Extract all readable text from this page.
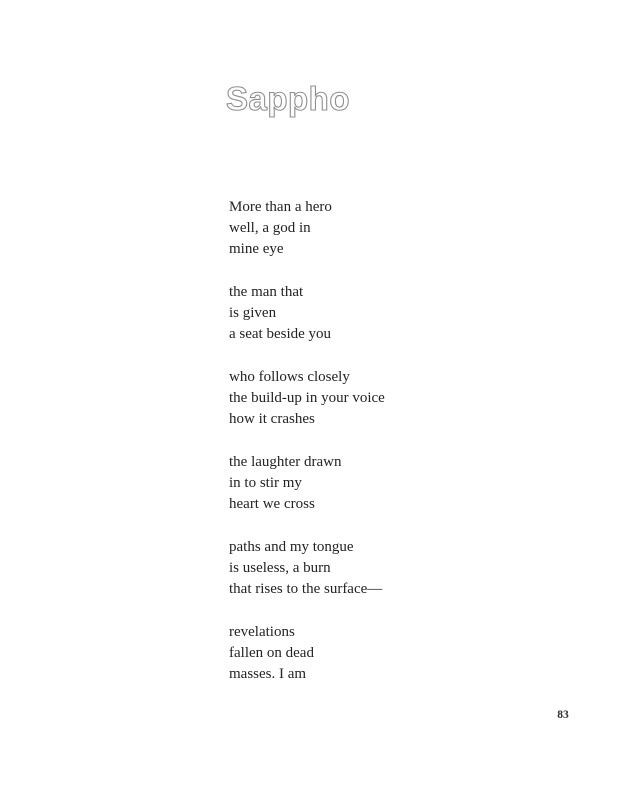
Sappho
More than a hero
well, a god in
mine eye
the man that
is given
a seat beside you
who follows closely
the build-up in your voice
how it crashes
the laughter drawn
in to stir my
heart we cross
paths and my tongue
is useless, a burn
that rises to the surface—
revelations
fallen on dead
masses. I am
83
